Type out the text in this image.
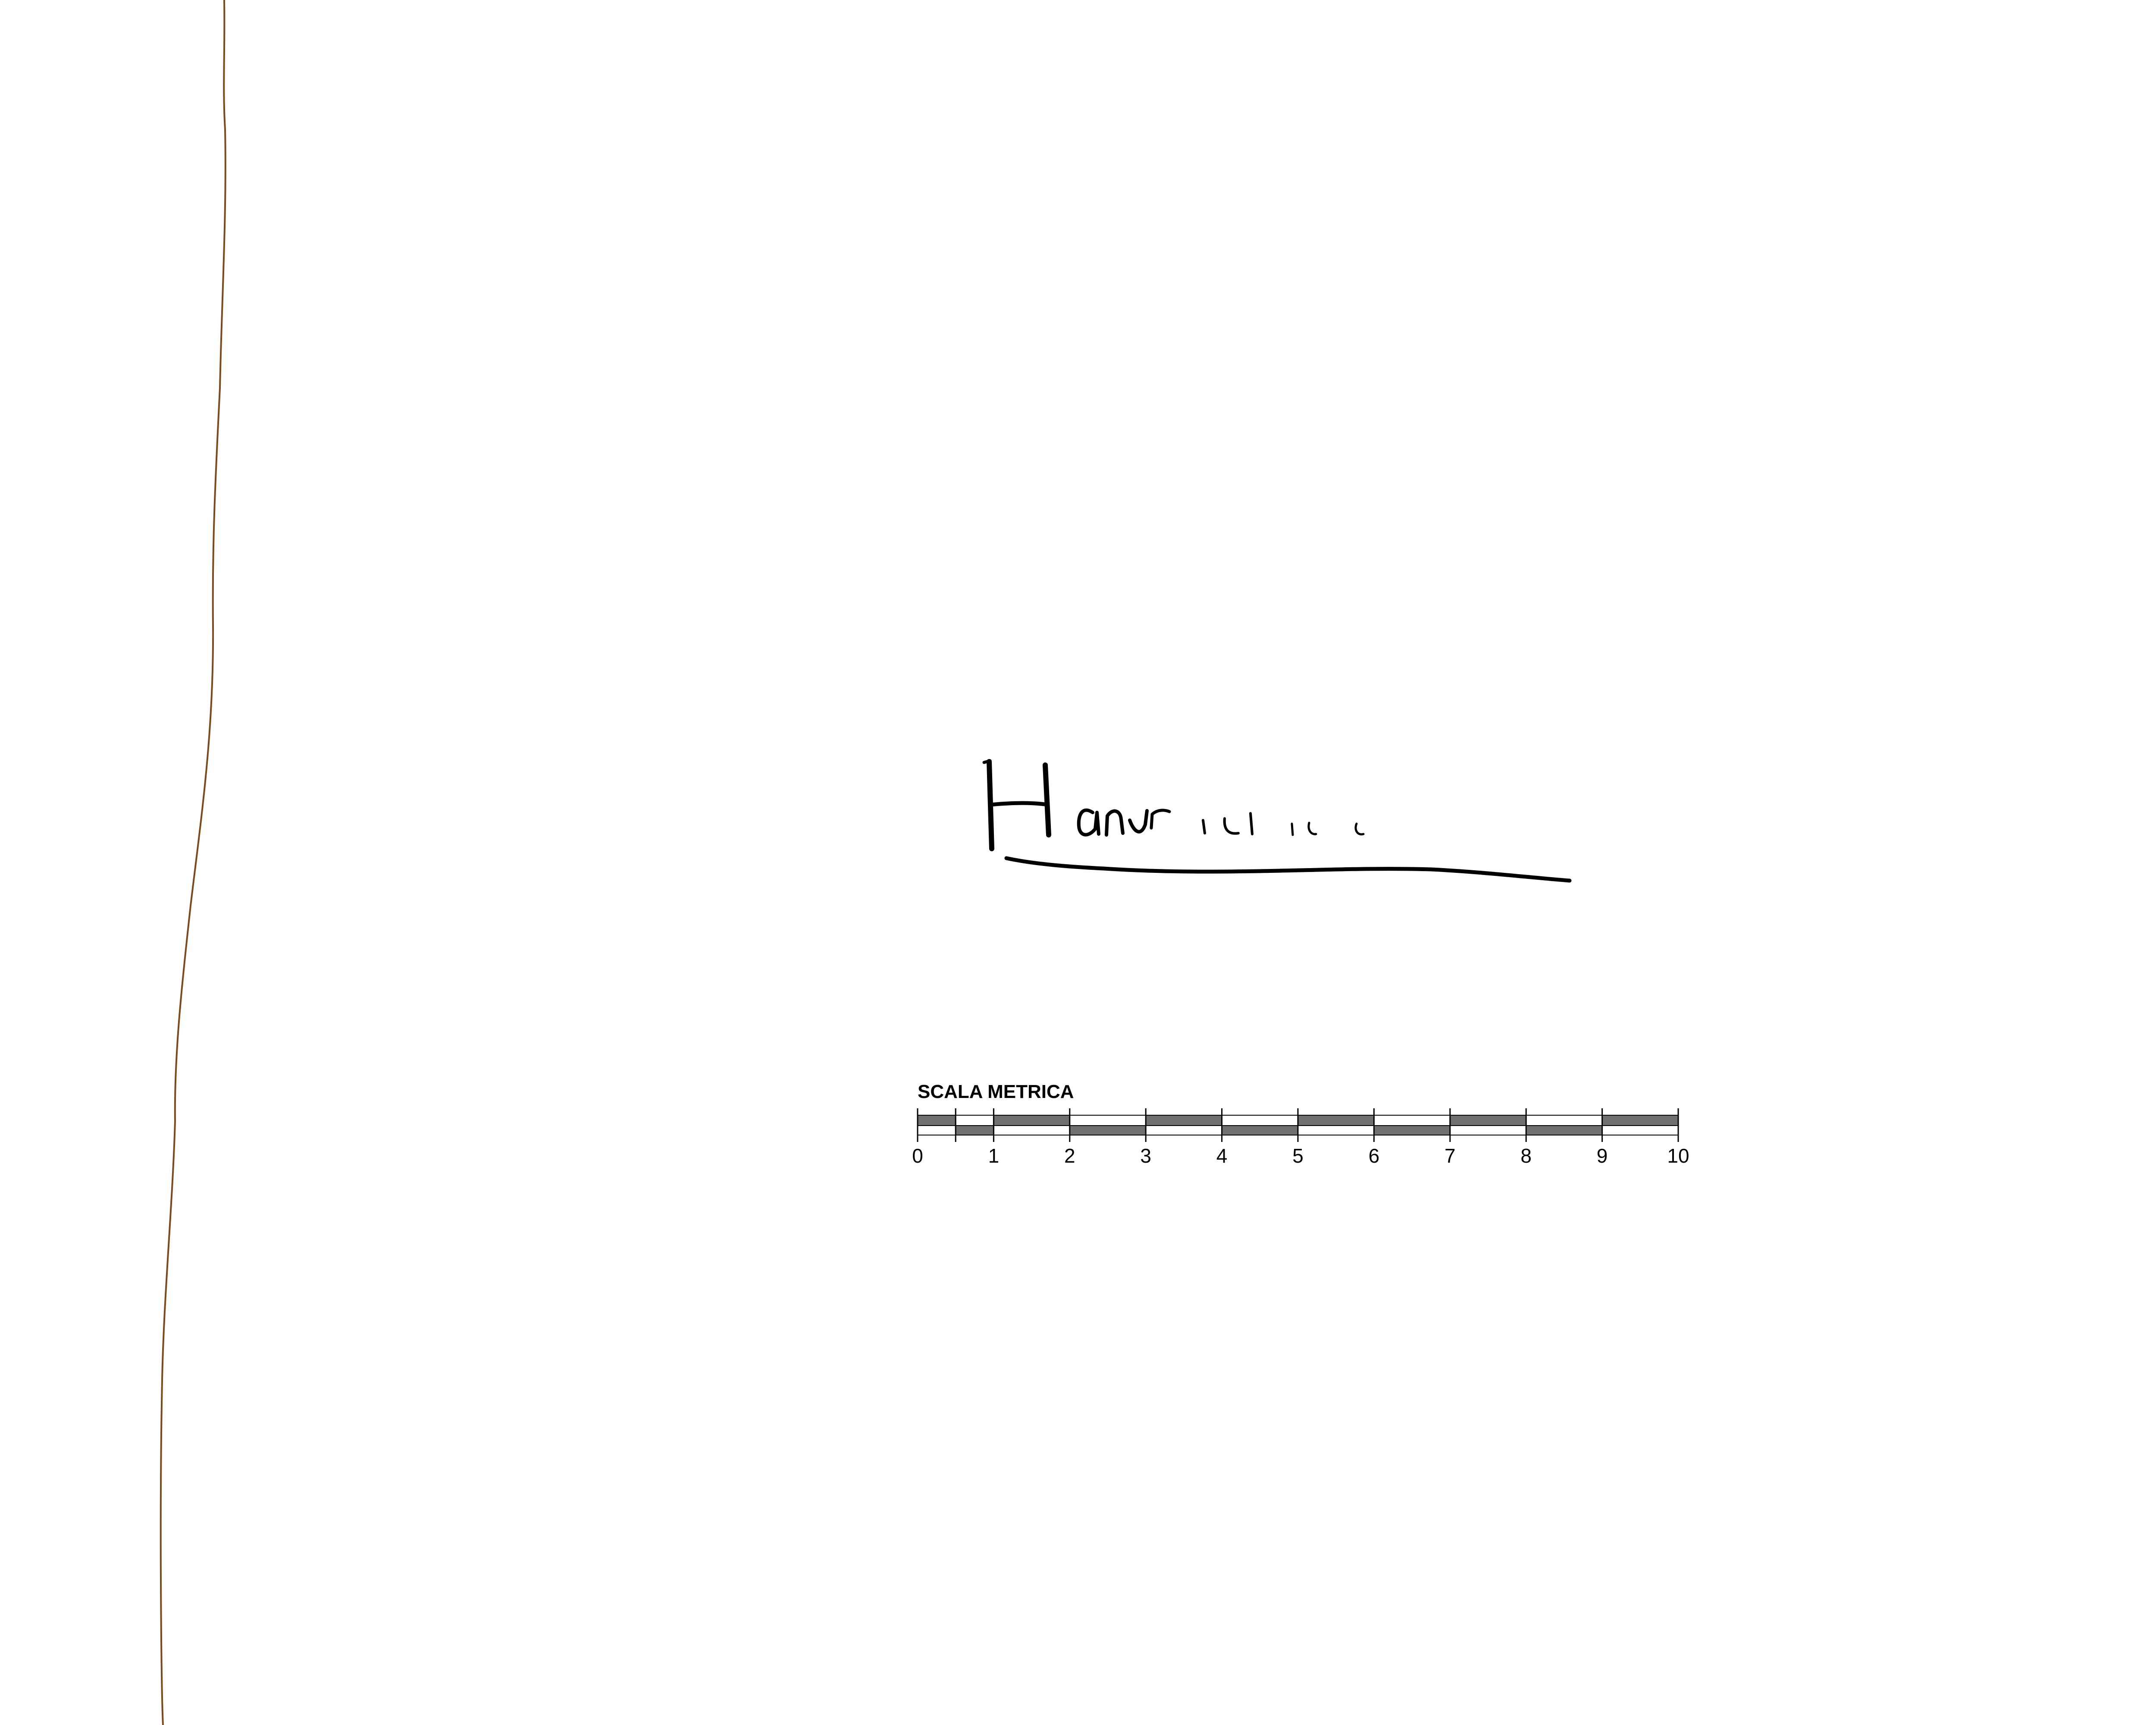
SCALA METRICA
0	1	2	3	4	5	6	7	8	9	10
